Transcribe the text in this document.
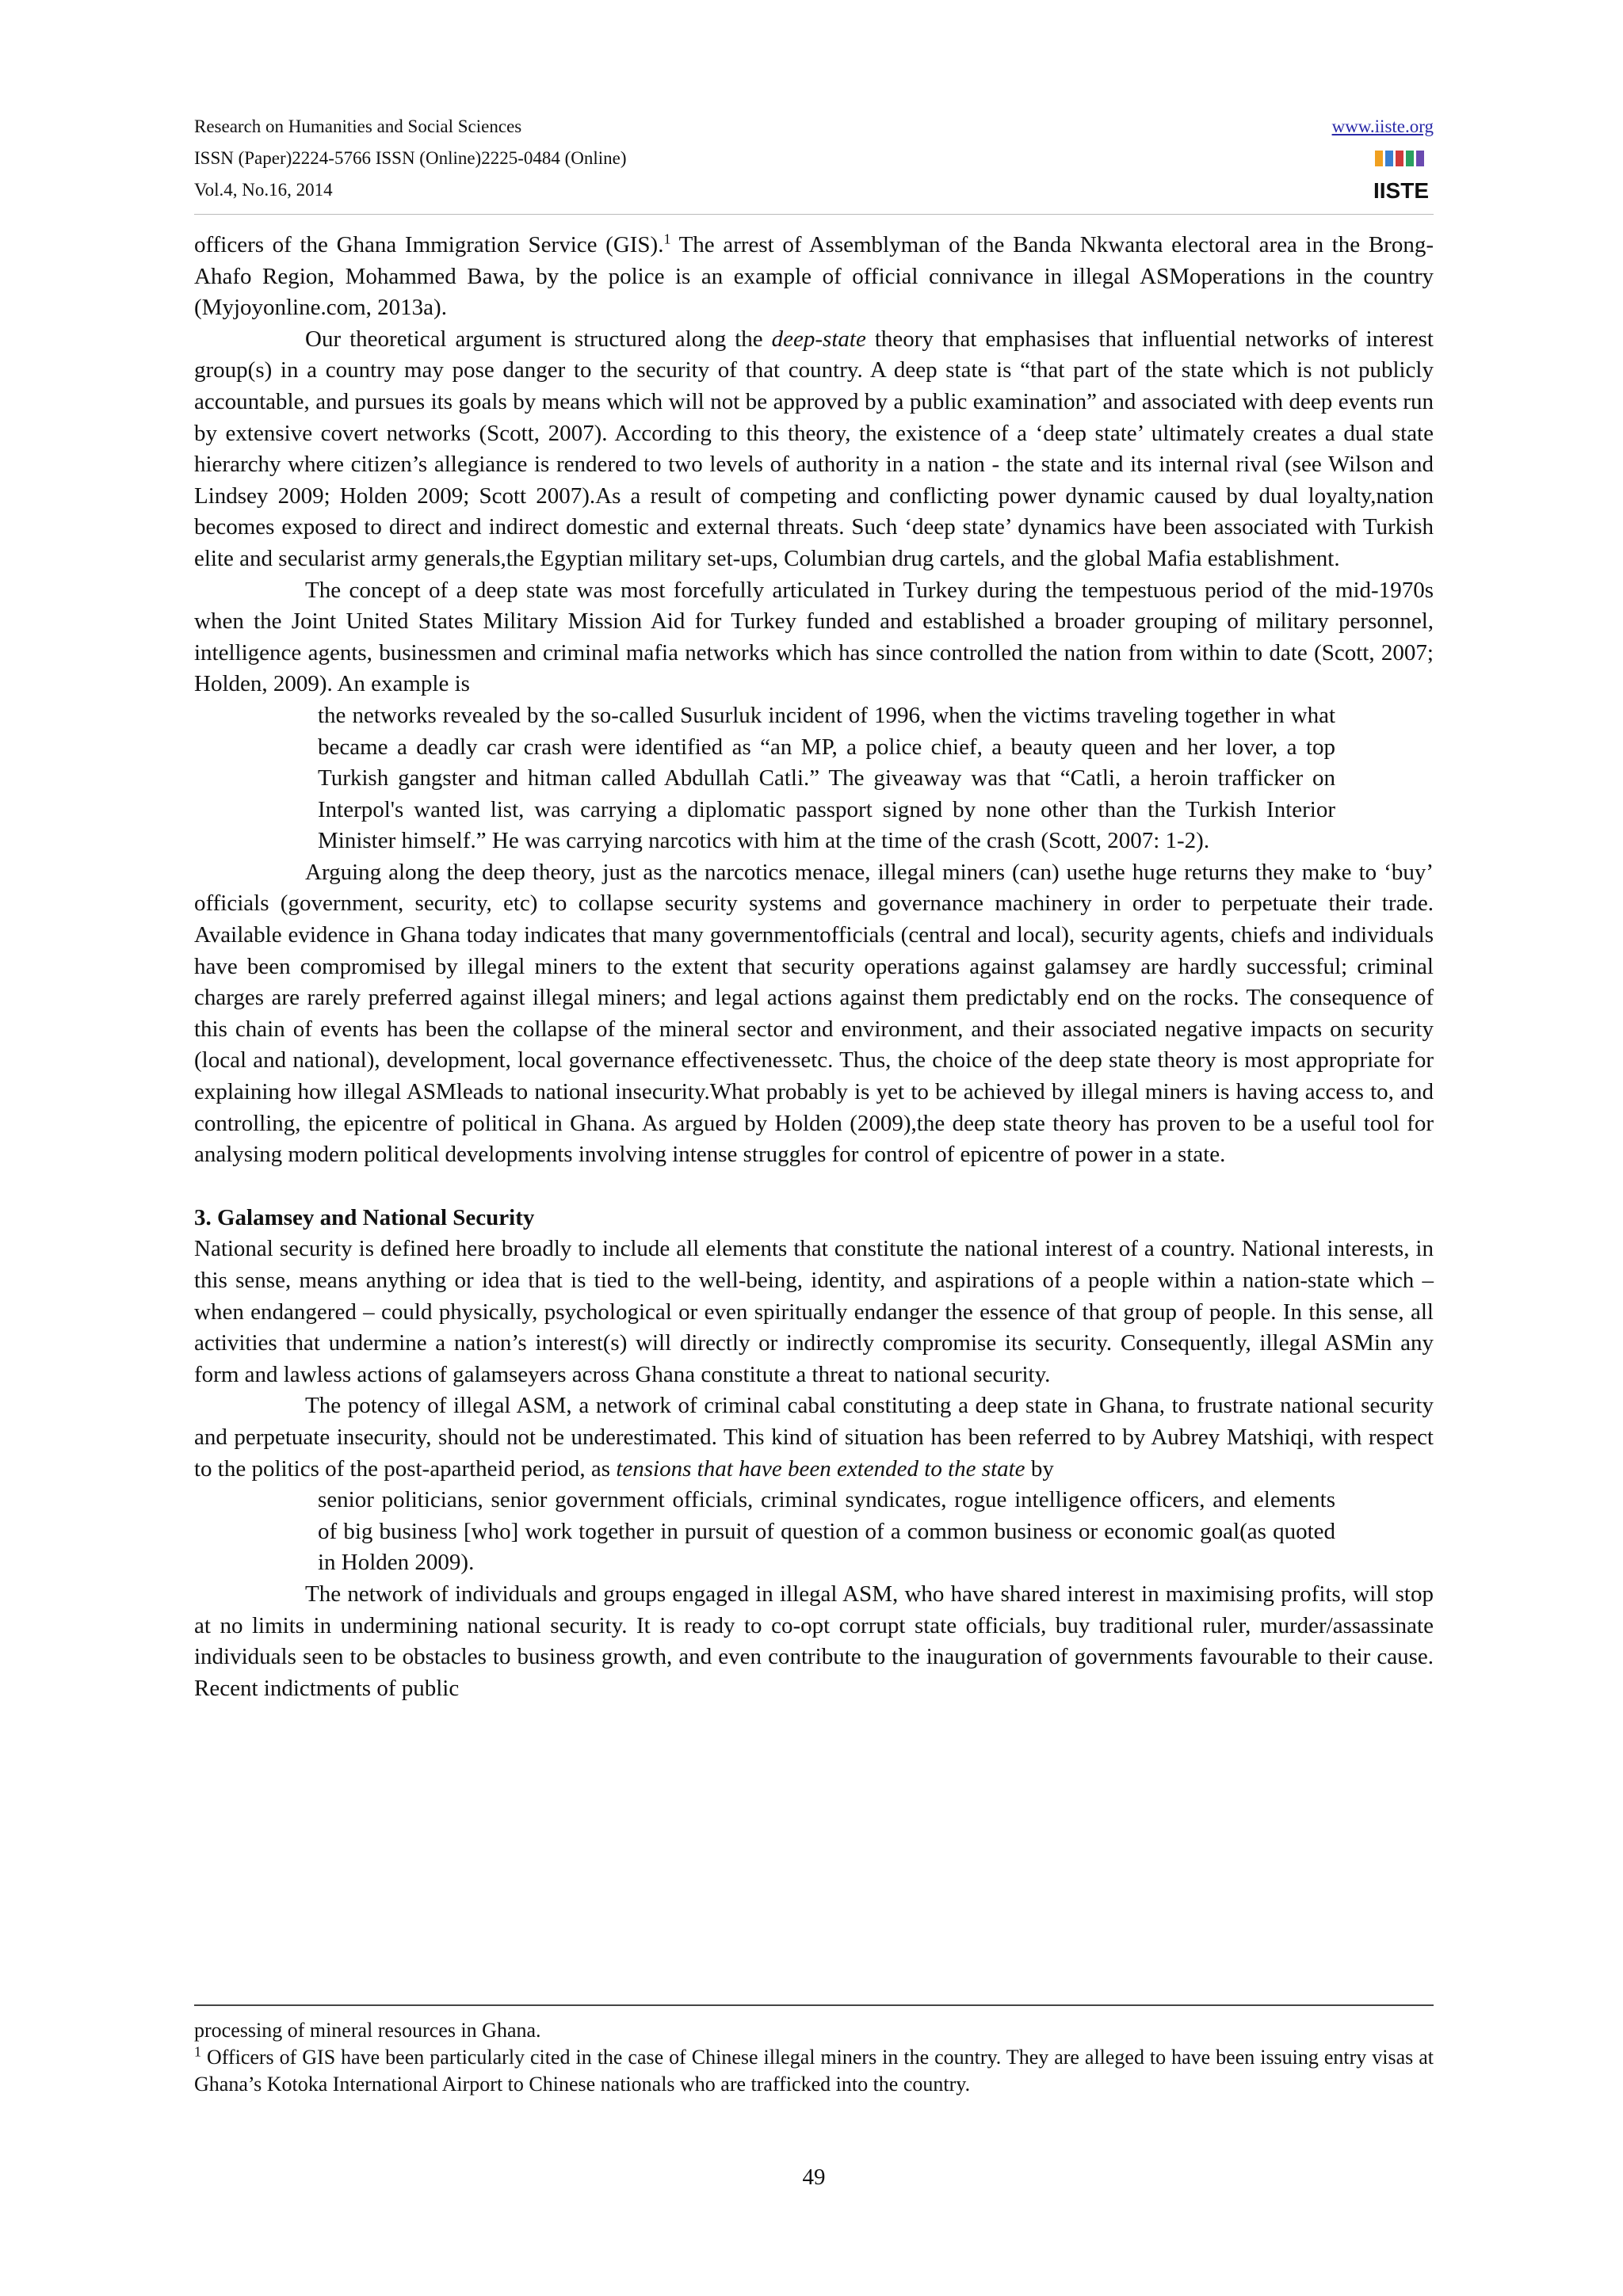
Research on Humanities and Social Sciences
ISSN (Paper)2224-5766 ISSN (Online)2225-0484 (Online)
Vol.4, No.16, 2014
www.iiste.org
IISTE

officers of the Ghana Immigration Service (GIS).$^1$ The arrest of Assemblyman of the Banda Nkwanta electoral area in the Brong-Ahafo Region, Mohammed Bawa, by the police is an example of official connivance in illegal ASMoperations in the country (Myjoyonline.com, 2013a).

Our theoretical argument is structured along the deep-state theory that emphasises that influential networks of interest group(s) in a country may pose danger to the security of that country. A deep state is “that part of the state which is not publicly accountable, and pursues its goals by means which will not be approved by a public examination” and associated with deep events run by extensive covert networks (Scott, 2007). According to this theory, the existence of a ‘deep state’ ultimately creates a dual state hierarchy where citizen’s allegiance is rendered to two levels of authority in a nation - the state and its internal rival (see Wilson and Lindsey 2009; Holden 2009; Scott 2007).As a result of competing and conflicting power dynamic caused by dual loyalty,nation becomes exposed to direct and indirect domestic and external threats. Such ‘deep state’ dynamics have been associated with Turkish elite and secularist army generals,the Egyptian military set-ups, Columbian drug cartels, and the global Mafia establishment.

The concept of a deep state was most forcefully articulated in Turkey during the tempestuous period of the mid-1970s when the Joint United States Military Mission Aid for Turkey funded and established a broader grouping of military personnel, intelligence agents, businessmen and criminal mafia networks which has since controlled the nation from within to date (Scott, 2007; Holden, 2009). An example is

the networks revealed by the so-called Susurluk incident of 1996, when the victims traveling together in what became a deadly car crash were identified as “an MP, a police chief, a beauty queen and her lover, a top Turkish gangster and hitman called Abdullah Catli.” The giveaway was that “Catli, a heroin trafficker on Interpol's wanted list, was carrying a diplomatic passport signed by none other than the Turkish Interior Minister himself.” He was carrying narcotics with him at the time of the crash (Scott, 2007: 1-2).

Arguing along the deep theory, just as the narcotics menace, illegal miners (can) usethe huge returns they make to ‘buy’ officials (government, security, etc) to collapse security systems and governance machinery in order to perpetuate their trade. Available evidence in Ghana today indicates that many governmentofficials (central and local), security agents, chiefs and individuals have been compromised by illegal miners to the extent that security operations against galamsey are hardly successful; criminal charges are rarely preferred against illegal miners; and legal actions against them predictably end on the rocks. The consequence of this chain of events has been the collapse of the mineral sector and environment, and their associated negative impacts on security (local and national), development, local governance effectivenessetc. Thus, the choice of the deep state theory is most appropriate for explaining how illegal ASMleads to national insecurity.What probably is yet to be achieved by illegal miners is having access to, and controlling, the epicentre of political in Ghana. As argued by Holden (2009),the deep state theory has proven to be a useful tool for analysing modern political developments involving intense struggles for control of epicentre of power in a state.

3. Galamsey and National Security

National security is defined here broadly to include all elements that constitute the national interest of a country. National interests, in this sense, means anything or idea that is tied to the well-being, identity, and aspirations of a people within a nation-state which – when endangered – could physically, psychological or even spiritually endanger the essence of that group of people. In this sense, all activities that undermine a nation’s interest(s) will directly or indirectly compromise its security. Consequently, illegal ASMin any form and lawless actions of galamseyers across Ghana constitute a threat to national security.

The potency of illegal ASM, a network of criminal cabal constituting a deep state in Ghana, to frustrate national security and perpetuate insecurity, should not be underestimated. This kind of situation has been referred to by Aubrey Matshiqi, with respect to the politics of the post-apartheid period, as tensions that have been extended to the state by

senior politicians, senior government officials, criminal syndicates, rogue intelligence officers, and elements of big business [who] work together in pursuit of question of a common business or economic goal(as quoted in Holden 2009).

The network of individuals and groups engaged in illegal ASM, who have shared interest in maximising profits, will stop at no limits in undermining national security. It is ready to co-opt corrupt state officials, buy traditional ruler, murder/assassinate individuals seen to be obstacles to business growth, and even contribute to the inauguration of governments favourable to their cause. Recent indictments of public

processing of mineral resources in Ghana.

$^1$ Officers of GIS have been particularly cited in the case of Chinese illegal miners in the country. They are alleged to have been issuing entry visas at Ghana’s Kotoka International Airport to Chinese nationals who are trafficked into the country.

49
